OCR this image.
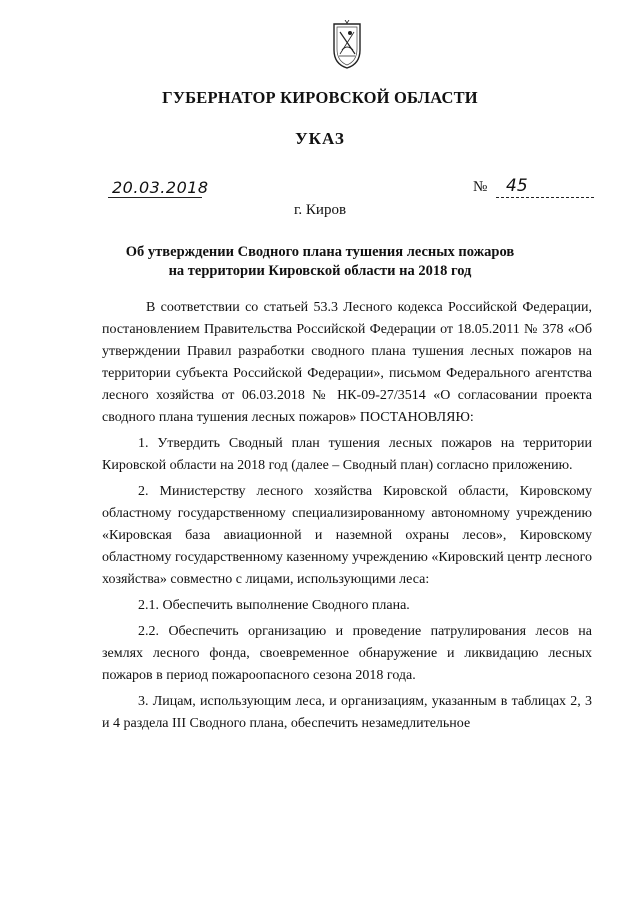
ГУБЕРНАТОР КИРОВСКОЙ ОБЛАСТИ
УКАЗ
20.03.2018	№ 45
г. Киров
Об утверждении Сводного плана тушения лесных пожаров
на территории Кировской области на 2018 год

В соответствии со статьей 53.3 Лесного кодекса Российской Федерации, постановлением Правительства Российской Федерации от 18.05.2011 № 378 «Об утверждении Правил разработки сводного плана тушения лесных пожаров на территории субъекта Российской Федерации», письмом Федерального агентства лесного хозяйства от 06.03.2018 № НК-09-27/3514 «О согласовании проекта сводного плана тушения лесных пожаров» ПОСТАНОВЛЯЮ:

1. Утвердить Сводный план тушения лесных пожаров на территории Кировской области на 2018 год (далее – Сводный план) согласно приложению.

2. Министерству лесного хозяйства Кировской области, Кировскому областному государственному специализированному автономному учреждению «Кировская база авиационной и наземной охраны лесов», Кировскому областному государственному казенному учреждению «Кировский центр лесного хозяйства» совместно с лицами, использующими леса:

2.1. Обеспечить выполнение Сводного плана.

2.2. Обеспечить организацию и проведение патрулирования лесов на землях лесного фонда, своевременное обнаружение и ликвидацию лесных пожаров в период пожароопасного сезона 2018 года.

3. Лицам, использующим леса, и организациям, указанным в таблицах 2, 3 и 4 раздела III Сводного плана, обеспечить незамедлительное
